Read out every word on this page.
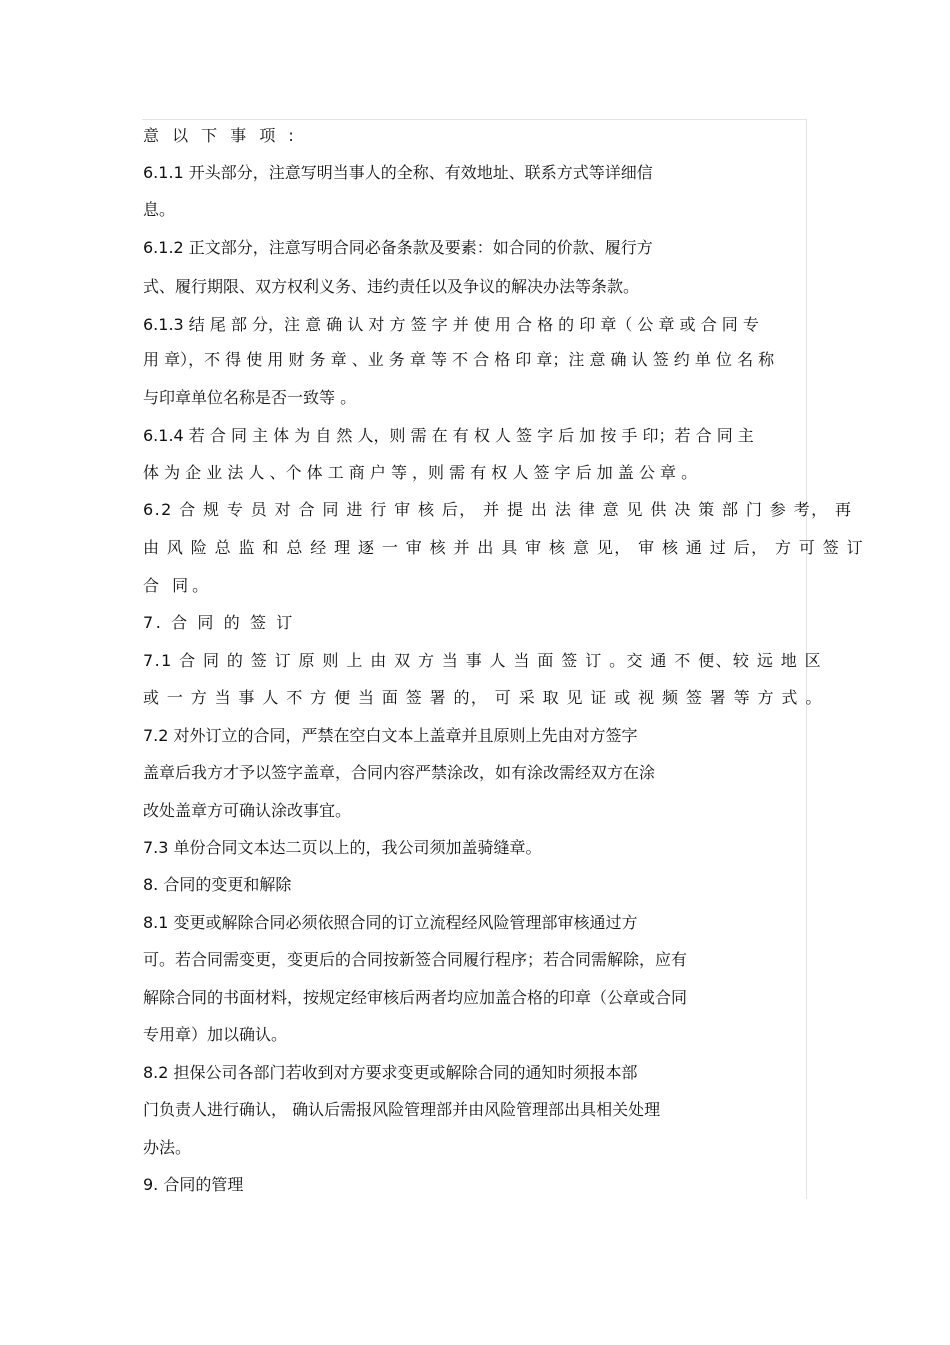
意 以 下 事 项 :
6.1.1 开头部分，注意写明当事人的全称、有效地址、联系方式等详细信
息。
6.1.2 正文部分，注意写明合同必备条款及要素：如合同的价款、履行方
式、履行期限、双方权利义务、违约责任以及争议的解决办法等条款。
6.1.3 结 尾 部 分，注 意 确 认 对 方 签 字 并 使 用 合 格 的 印 章（ 公 章 或 合 同 专
用 章），不 得 使 用 财 务 章 、业 务 章 等 不 合 格 印 章；注 意 确 认 签 约 单 位 名 称
与印章单位名称是否一致等 。
6.1.4 若 合 同 主 体 为 自 然 人，则 需 在 有 权 人 签 字 后 加 按 手 印；若 合 同 主
体 为 企 业 法 人 、个 体 工 商 户 等 ，则 需 有 权 人 签 字 后 加 盖 公 章 。
6.2 合 规 专 员 对 合 同 进 行 审 核 后， 并 提 出 法 律 意 见 供 决 策 部 门 参 考， 再
由 风 险 总 监 和 总 经 理 逐 一 审 核 并 出 具 审 核 意 见， 审 核 通 过 后， 方 可 签 订
合 同。
7. 合 同 的 签 订
7.1 合 同 的 签 订 原 则 上 由 双 方 当 事 人 当 面 签 订 。交 通 不 便、较 远 地 区
或 一 方 当 事 人 不 方 便 当 面 签 署 的， 可 采 取 见 证 或 视 频 签 署 等 方 式 。
7.2 对外订立的合同，严禁在空白文本上盖章并且原则上先由对方签字
盖章后我方才予以签字盖章，合同内容严禁涂改，如有涂改需经双方在涂
改处盖章方可确认涂改事宜。
7.3 单份合同文本达二页以上的，我公司须加盖骑缝章。
8. 合同的变更和解除
8.1 变更或解除合同必须依照合同的订立流程经风险管理部审核通过方
可。若合同需变更，变更后的合同按新签合同履行程序；若合同需解除，应有
解除合同的书面材料，按规定经审核后两者均应加盖合格的印章（公章或合同
专用章）加以确认。
8.2 担保公司各部门若收到对方要求变更或解除合同的通知时须报本部
门负责人进行确认， 确认后需报风险管理部并由风险管理部出具相关处理
办法。
9. 合同的管理
